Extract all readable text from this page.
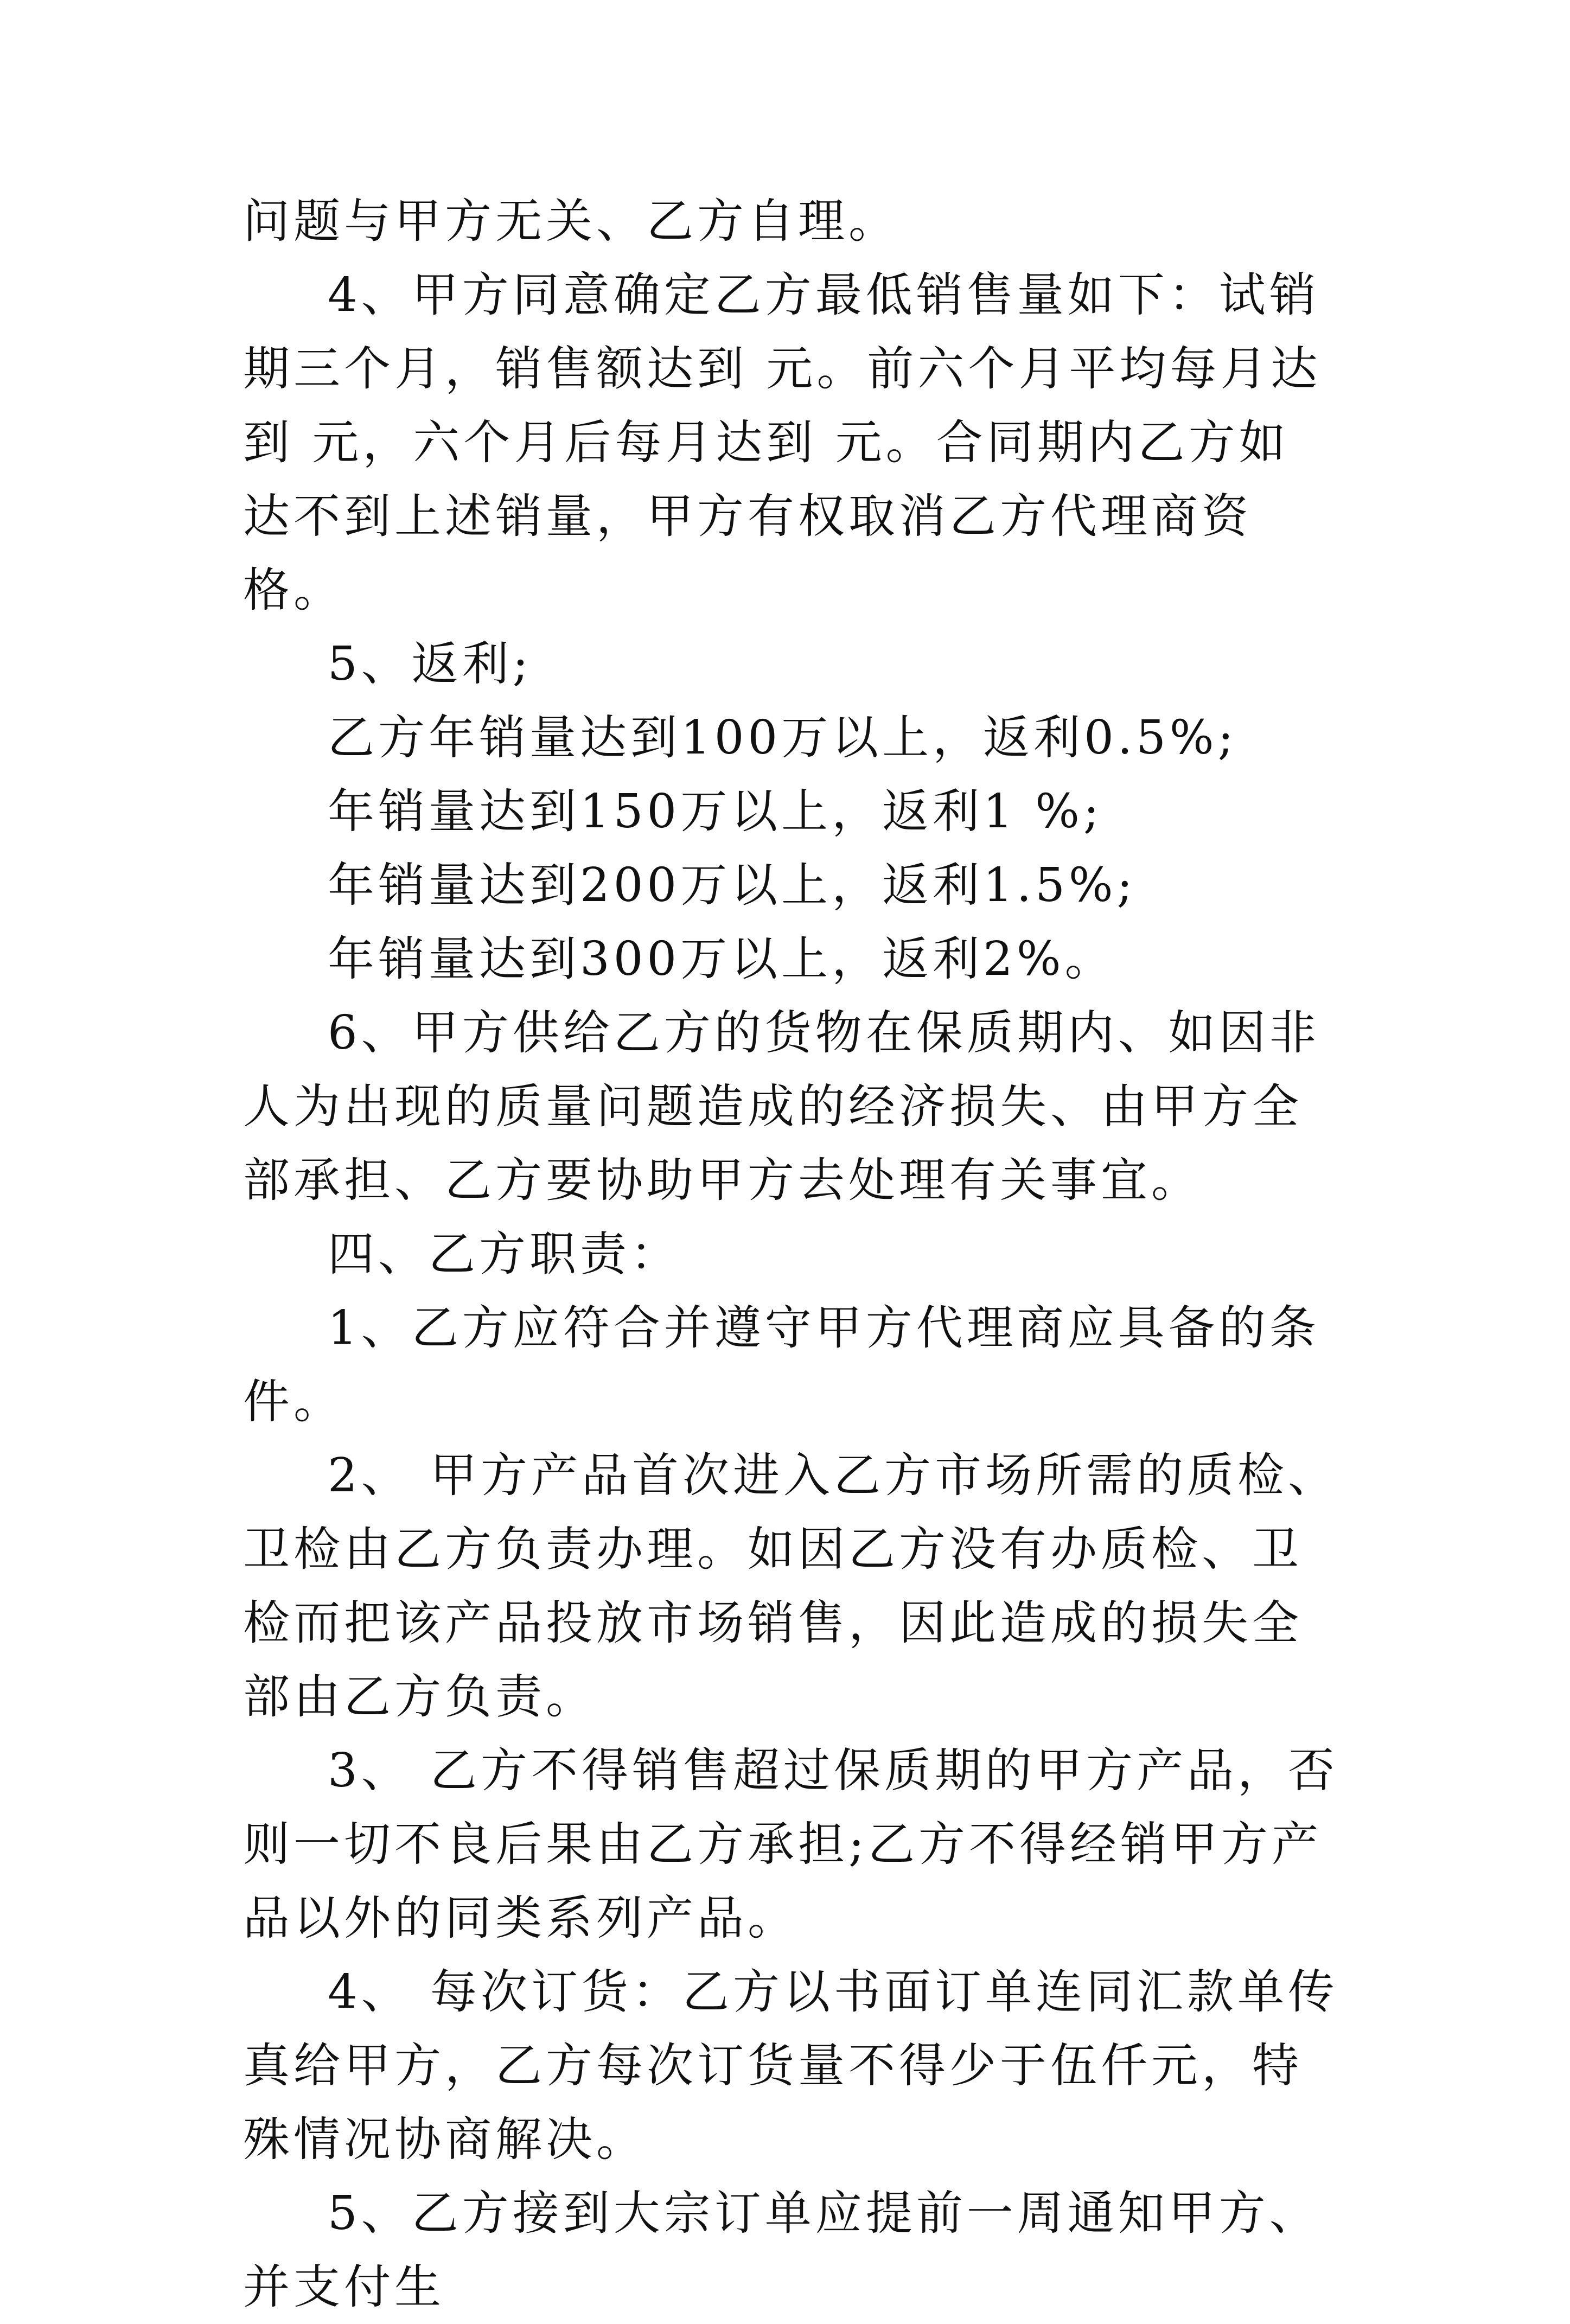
问题与甲方无关、乙方自理。

4、甲方同意确定乙方最低销售量如下：试销期三个月，销售额达到 元。前六个月平均每月达到 元，六个月后每月达到 元。合同期内乙方如达不到上述销量，甲方有权取消乙方代理商资格。

5、返利;

乙方年销量达到100万以上，返利0.5%;

年销量达到150万以上，返利1 %;

年销量达到200万以上，返利1.5%;

年销量达到300万以上，返利2%。

6、甲方供给乙方的货物在保质期内、如因非人为出现的质量问题造成的经济损失、由甲方全部承担、乙方要协助甲方去处理有关事宜。

四、乙方职责：

1、乙方应符合并遵守甲方代理商应具备的条件。

2、 甲方产品首次进入乙方市场所需的质检、卫检由乙方负责办理。如因乙方没有办质检、卫检而把该产品投放市场销售，因此造成的损失全部由乙方负责。

3、 乙方不得销售超过保质期的甲方产品，否则一切不良后果由乙方承担;乙方不得经销甲方产品以外的同类系列产品。

4、 每次订货：乙方以书面订单连同汇款单传真给甲方，乙方每次订货量不得少于伍仟元，特殊情况协商解决。

5、乙方接到大宗订单应提前一周通知甲方、并支付生
